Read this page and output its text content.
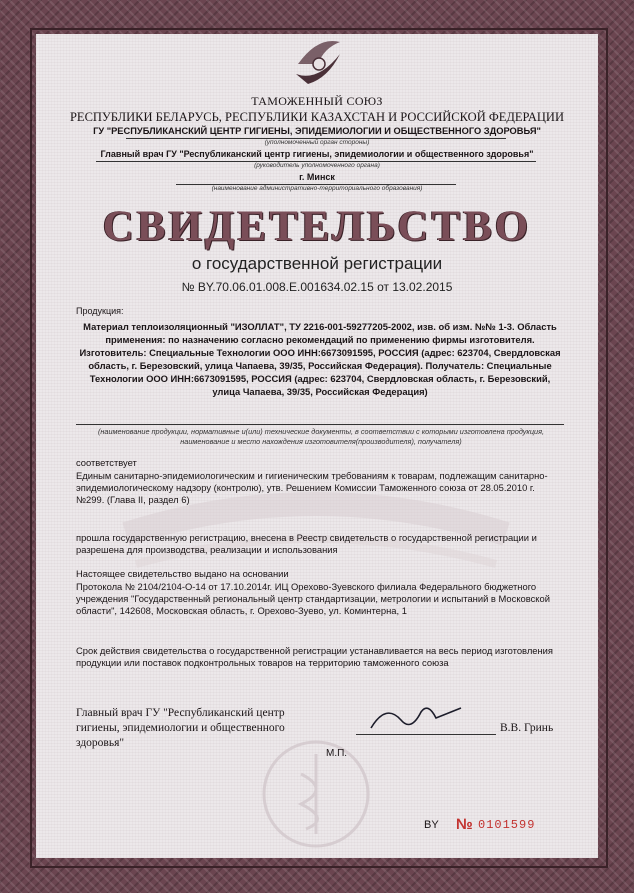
ТАМОЖЕННЫЙ СОЮЗ
РЕСПУБЛИКИ БЕЛАРУСЬ, РЕСПУБЛИКИ КАЗАХСТАН И РОССИЙСКОЙ ФЕДЕРАЦИИ
ГУ "РЕСПУБЛИКАНСКИЙ ЦЕНТР ГИГИЕНЫ, ЭПИДЕМИОЛОГИИ И ОБЩЕСТВЕННОГО ЗДОРОВЬЯ"
(уполномоченный орган стороны)
Главный врач ГУ "Республиканский центр гигиены, эпидемиологии и общественного здоровья"
(руководитель уполномоченного органа)
г. Минск
(наименование административно-территориального образования)
СВИДЕТЕЛЬСТВО
о государственной регистрации
№ BY.70.06.01.008.E.001634.02.15 от 13.02.2015
Продукция:
Материал теплоизоляционный "ИЗОЛЛАТ", ТУ 2216-001-59277205-2002, изв. об изм. №№ 1-3. Область применения: по назначению согласно рекомендаций по применению фирмы изготовителя. Изготовитель: Специальные Технологии ООО ИНН:6673091595, РОССИЯ (адрес: 623704, Свердловская область, г. Березовский, улица Чапаева, 39/35, Российская Федерация). Получатель: Специальные Технологии ООО ИНН:6673091595, РОССИЯ (адрес: 623704, Свердловская область, г. Березовский, улица Чапаева, 39/35, Российская Федерация)
(наименование продукции, нормативные и(или) технические документы, в соответствии с которыми изготовлена продукция, наименование и место нахождения изготовителя(производителя), получателя)
соответствует
Единым санитарно-эпидемиологическим и гигиеническим требованиям к товарам, подлежащим санитарно-эпидемиологическому надзору (контролю), утв. Решением Комиссии Таможенного союза от 28.05.2010 г. №299. (Глава II, раздел 6)
прошла государственную регистрацию, внесена в Реестр свидетельств о государственной регистрации и разрешена для производства, реализации и использования
Настоящее свидетельство выдано на основании
Протокола № 2104/2104-О-14 от 17.10.2014г. ИЦ Орехово-Зуевского филиала Федерального бюджетного учреждения "Государственный региональный центр стандартизации, метрологии и испытаний в Московской области", 142608, Московская область, г. Орехово-Зуево, ул. Коминтерна, 1
Срок действия свидетельства о государственной регистрации устанавливается на весь период изготовления продукции или поставок подконтрольных товаров на территорию таможенного союза
Главный врач ГУ "Республиканский центр гигиены, эпидемиологии и общественного здоровья"
В.В. Гринь
М.П.
BY № 0101599
